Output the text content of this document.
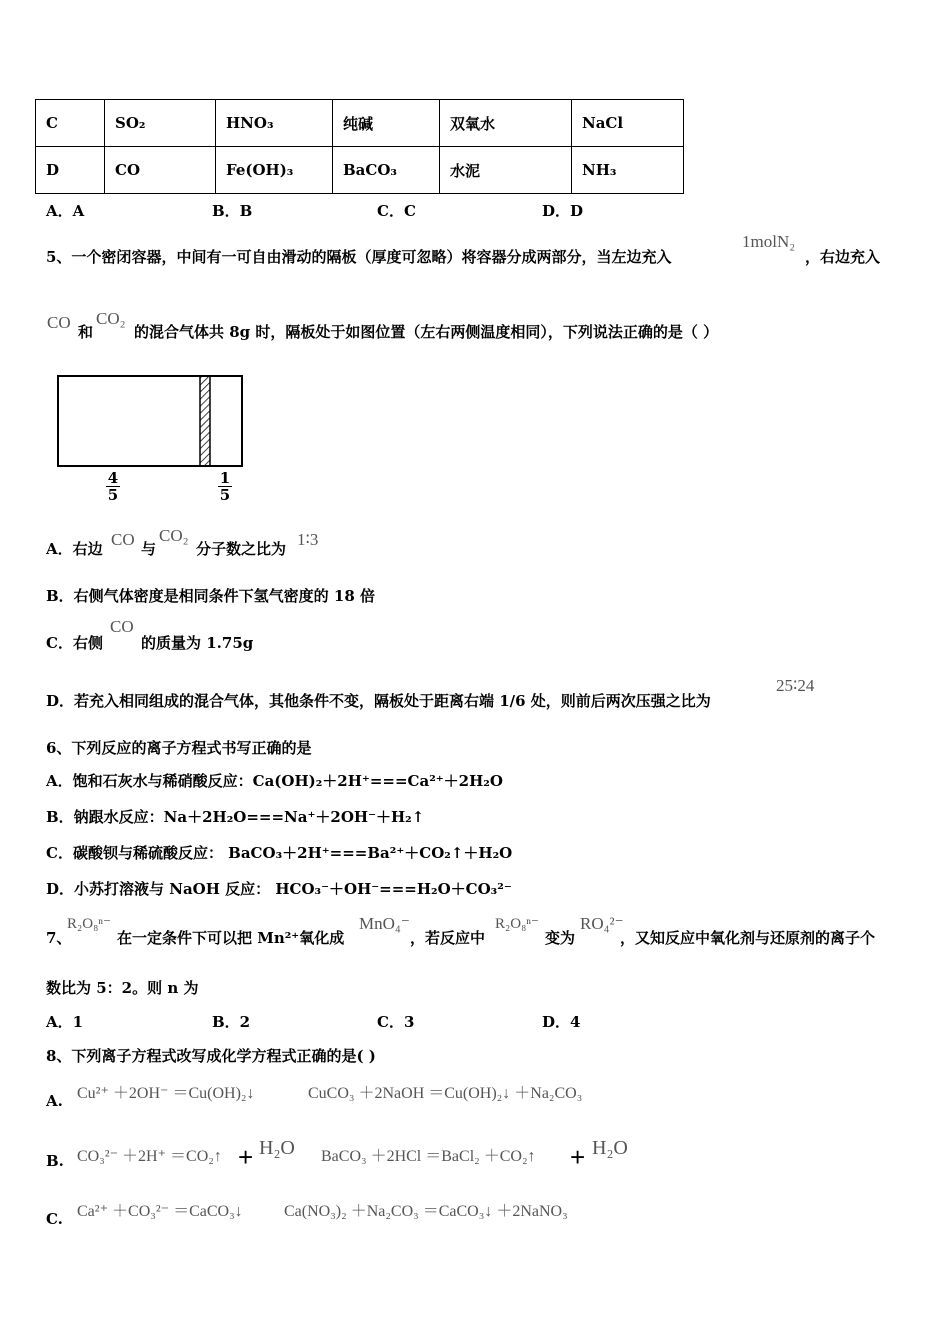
C	SO₂	HNO₃	纯碱	双氧水	NaCl
D	CO	Fe(OH)₃	BaCO₃	水泥	NH₃
A．A	B．B	C．C	D．D
5、一个密闭容器，中间有一可自由滑动的隔板（厚度可忽略）将容器分成两部分，当左边充入
1molN₂
，右边充入
CO 和
CO₂
的混合气体共 8g 时，隔板处于如图位置（左右两侧温度相同），下列说法正确的是（ ）
$\frac{4}{5}$	$\frac{1}{5}$
A．右边 CO 与
CO₂
分子数之比为 1∶3
B．右侧气体密度是相同条件下氢气密度的 18 倍
C．右侧
CO
的质量为 1.75g
D．若充入相同组成的混合气体，其他条件不变，隔板处于距离右端 1/6 处，则前后两次压强之比为
25∶24
6、下列反应的离子方程式书写正确的是
A．饱和石灰水与稀硝酸反应：Ca(OH)₂＋2H⁺===Ca²⁺＋2H₂O
B．钠跟水反应：Na＋2H₂O===Na⁺＋2OH⁻＋H₂↑
C．碳酸钡与稀硫酸反应： BaCO₃＋2H⁺===Ba²⁺＋CO₂↑＋H₂O
D．小苏打溶液与 NaOH 反应： HCO₃⁻＋OH⁻===H₂O＋CO₃²⁻
7、
R₂O₈ⁿ⁻
在一定条件下可以把 Mn²⁺氧化成
MnO₄⁻
，若反应中
R₂O₈ⁿ⁻
变为
RO₄²⁻
，又知反应中氧化剂与还原剂的离子个
数比为 5：2。则 n 为
A．1	B．2	C．3	D．4
8、下列离子方程式改写成化学方程式正确的是( )
A. Cu²⁺ ＋2OH⁻ ＝Cu(OH)₂↓	CuCO₃ ＋2NaOH ＝Cu(OH)₂↓ ＋Na₂CO₃
B. CO₃²⁻ ＋2H⁺ ＝CO₂↑ + H₂O BaCO₃ ＋2HCl ＝BaCl₂ ＋CO₂↑ + H₂O
C. Ca²⁺ ＋CO₃²⁻ ＝CaCO₃↓	Ca(NO₃)₂ ＋Na₂CO₃ ＝CaCO₃↓ ＋2NaNO₃
